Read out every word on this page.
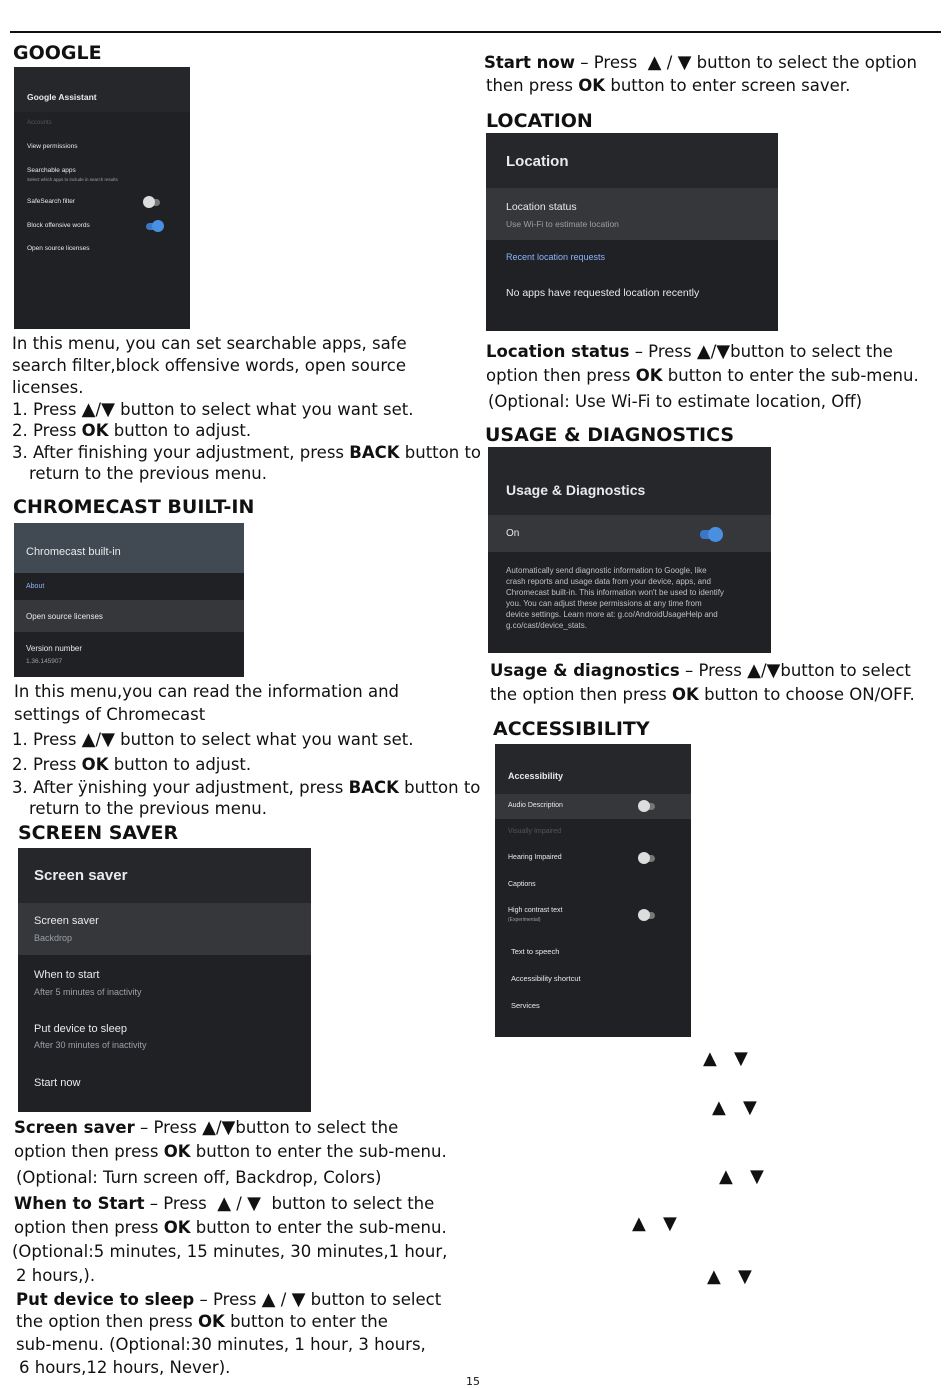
GOOGLE
Google Assistant
Accounts
View permissions
Searchable apps
Select which apps to include in search results
SafeSearch filter
Block offensive words
Open source licenses
In this menu, you can set searchable apps, safe search filter,block offensive words, open source licenses.
1. Press ▲/▼ button to select what you want set.
2. Press OK button to adjust.
3. After finishing your adjustment, press BACK button to
return to the previous menu.
CHROMECAST BUILT-IN
Chromecast built-in
About
Open source licenses
Version number
1.36.145907
In this menu,you can read the information and
settings of Chromecast
1. Press ▲/▼ button to select what you want set.
2. Press OK button to adjust.
3. After ÿnishing your adjustment, press BACK button to
return to the previous menu.
SCREEN SAVER
Screen saver
Screen saver
Backdrop
When to start
After 5 minutes of inactivity
Put device to sleep
After 30 minutes of inactivity
Start now
Screen saver – Press ▲/▼button to select the
option then press OK button to enter the sub-menu.
(Optional: Turn screen off, Backdrop, Colors)
When to Start – Press ▲ / ▼ button to select the
option then press OK button to enter the sub-menu.
(Optional:5 minutes, 15 minutes, 30 minutes,1 hour,
2 hours,).
Put device to sleep – Press ▲ / ▼ button to select
the option then press OK button to enter the
sub-menu. (Optional:30 minutes, 1 hour, 3 hours,
6 hours,12 hours, Never).
Start now – Press ▲ / ▼ button to select the option
then press OK button to enter screen saver.
LOCATION
Location
Location status
Use Wi-Fi to estimate location
Recent location requests
No apps have requested location recently
Location status – Press ▲/▼button to select the
option then press OK button to enter the sub-menu.
(Optional: Use Wi-Fi to estimate location, Off)
USAGE & DIAGNOSTICS
Usage & Diagnostics
On
Automatically send diagnostic information to Google, like crash reports and usage data from your device, apps, and Chromecast built-in. This information won't be used to identify you. You can adjust these permissions at any time from device settings. Learn more at: g.co/AndroidUsageHelp and g.co/cast/device_stats.
Usage & diagnostics – Press ▲/▼button to select
the option then press OK button to choose ON/OFF.
ACCESSIBILITY
Accessibility
Audio Description
Visually Impaired
Hearing Impaired
Captions
High contrast text
(Experimental)
Text to speech
Accessibility shortcut
Services
▲ ▼
▲ ▼
▲ ▼
▲ ▼
▲ ▼
15
